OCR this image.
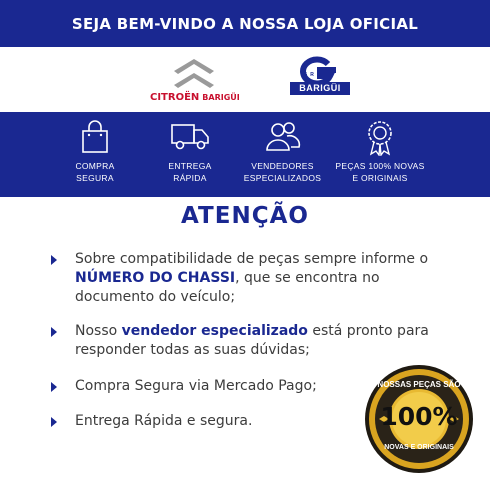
SEJA BEM-VINDO A NOSSA LOJA OFICIAL
CITROËN BARIGÜI
GRUPO
BARIGÜI
COMPRA
SEGURA
ENTREGA
RÁPIDA
VENDEDORES
ESPECIALIZADOS
PEÇAS 100% NOVAS
E ORIGINAIS
ATENÇÃO
Sobre compatibilidade de peças sempre informe o NÚMERO DO CHASSI, que se encontra no documento do veículo;
Nosso vendedor especializado está pronto para responder todas as suas dúvidas;
Compra Segura via Mercado Pago;
Entrega Rápida e segura.
NOSSAS PEÇAS SÃO
100%
NOVAS E ORIGINAIS
